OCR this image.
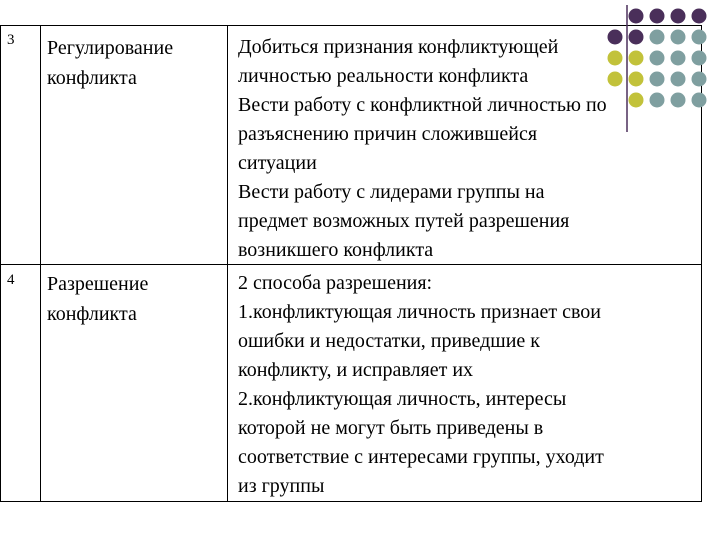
3 Регулирование
конфликта
Добиться признания конфликтующей
личностью реальности конфликта
Вести работу с конфликтной личностью по
разъяснению причин сложившейся
ситуации
Вести работу с лидерами группы на
предмет возможных путей разрешения
возникшего конфликта
4 Разрешение
конфликта
2 способа разрешения:
1.конфликтующая личность признает свои
ошибки и недостатки, приведшие к
конфликту, и исправляет их
2.конфликтующая личность, интересы
которой не могут быть приведены в
соответствие с интересами группы, уходит
из группы
